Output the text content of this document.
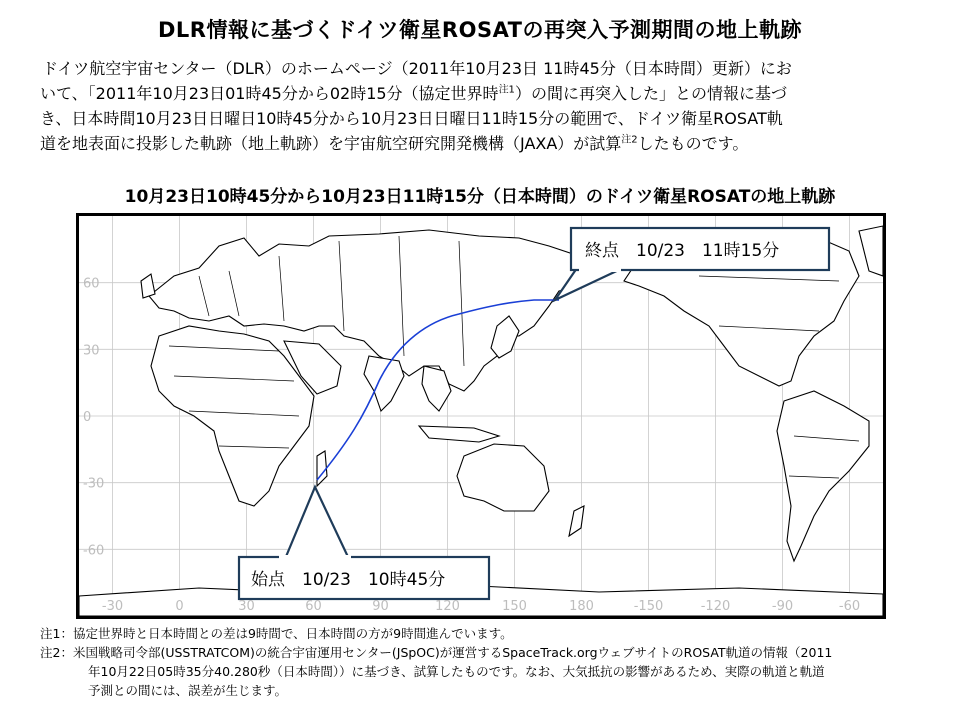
DLR情報に基づくドイツ衛星ROSATの再突入予測期間の地上軌跡

ドイツ航空宇宙センター（DLR）のホームページ（2011年10月23日 11時45分（日本時間）更新）にお

いて、「2011年10月23日01時45分から02時15分（協定世界時$^{注1}$）の間に再突入した」との情報に基づ

き、日本時間10月23日日曜日10時45分から10月23日日曜日11時15分の範囲で、ドイツ衛星ROSAT軌

道を地表面に投影した軌跡（地上軌跡）を宇宙航空研究開発機構（JAXA）が試算$^{注2}$したものです。

10月23日10時45分から10月23日11時15分（日本時間）のドイツ衛星ROSATの地上軌跡
始点　10/23　10時45分
終点　10/23　11時15分
60
30
0
-30
-60
-30	0	30	60	90	120	150	180	-150	-120	-90	-60
注1： 協定世界時と日本時間との差は9時間で、日本時間の方が9時間進んでいます。
注2： 米国戦略司令部(USSTRATCOM)の統合宇宙運用センター(JSpOC)が運営するSpaceTrack.orgウェブサイトのROSAT軌道の情報（2011
年10月22日05時35分40.280秒（日本時間））に基づき、試算したものです。なお、大気抵抗の影響があるため、実際の軌道と軌道
予測との間には、誤差が生じます。
